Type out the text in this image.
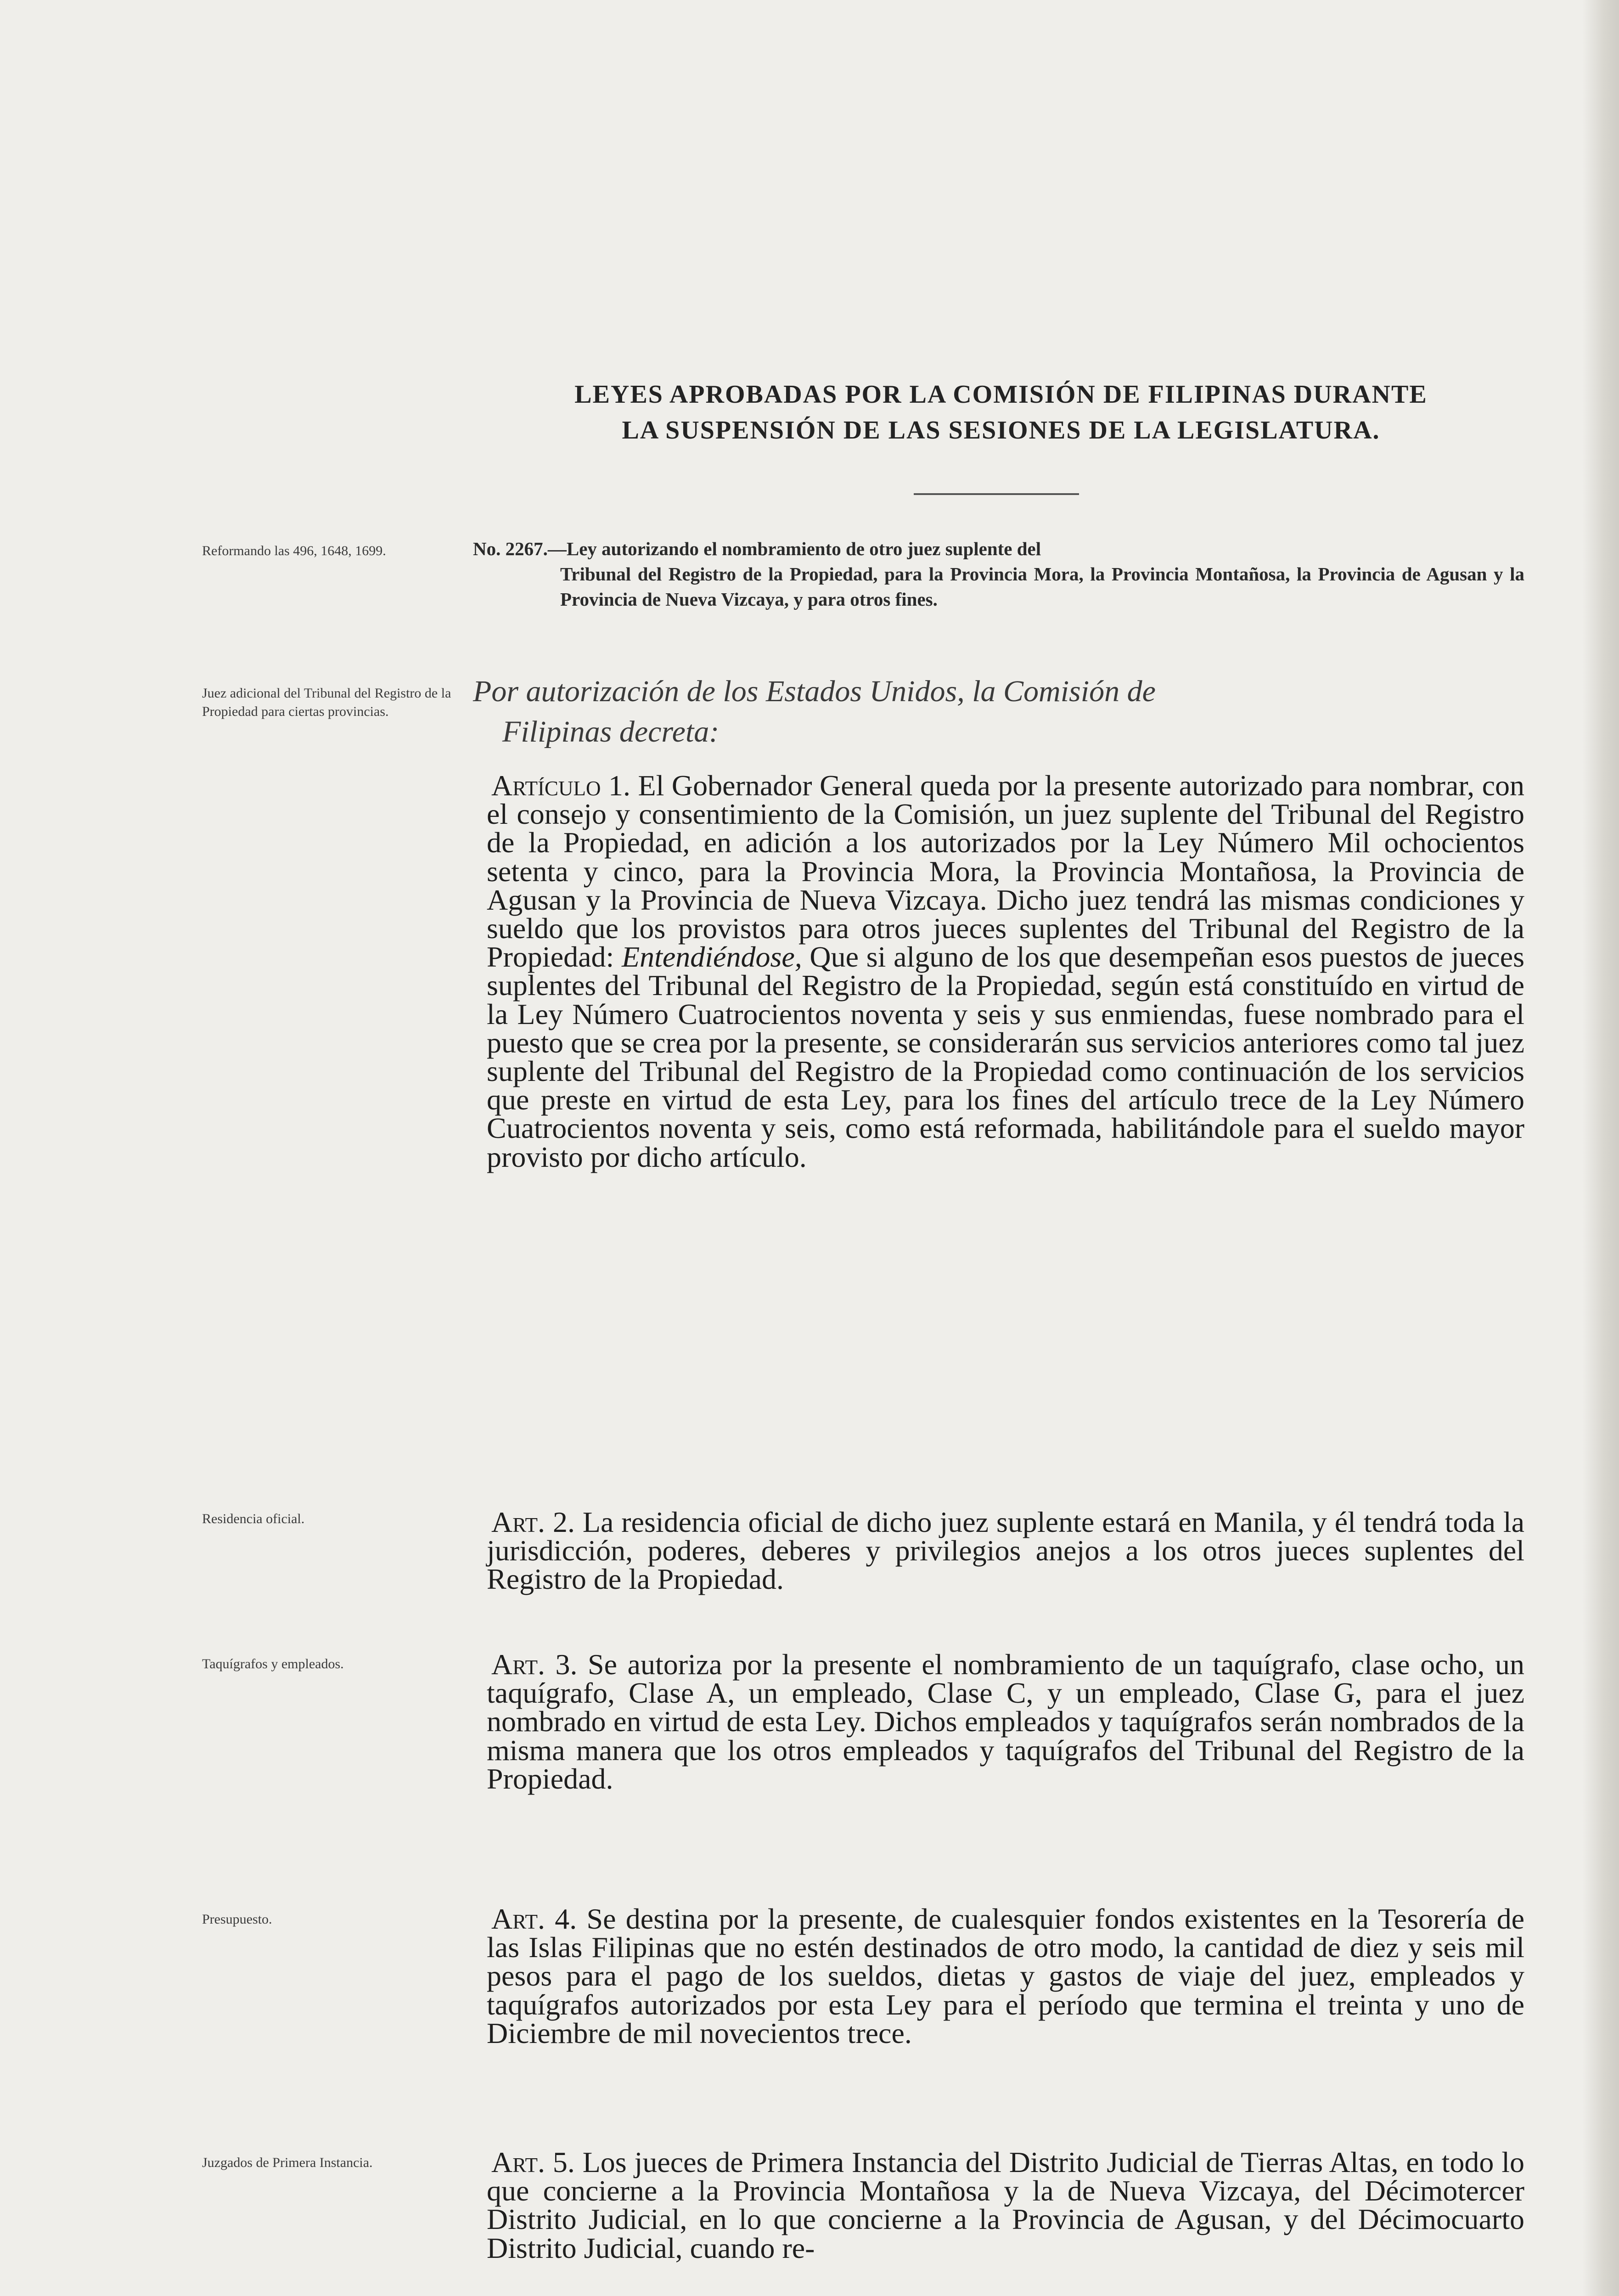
LEYES APROBADAS POR LA COMISIÓN DE FILIPINAS DURANTE
LA SUSPENSIÓN DE LAS SESIONES DE LA LEGISLATURA.
Reformando las 496, 1648, 1699.
Juez adicional del Tribunal del Registro de la Propiedad para ciertas provincias.
Residencia oficial.
Taquígrafos y empleados.
Presupuesto.
Juzgados de Primera Instancia.
No. 2267.—Ley autorizando el nombramiento de otro juez suplente del
Tribunal del Registro de la Propiedad, para la Provincia Mora, la Provincia Montañosa, la Provincia de Agusan y la Provincia de Nueva Vizcaya, y para otros fines.
Por autorización de los Estados Unidos, la Comisión de
Filipinas decreta:
Artículo 1. El Gobernador General queda por la presente autorizado para nombrar, con el consejo y consentimiento de la Comisión, un juez suplente del Tribunal del Registro de la Propiedad, en adición a los autorizados por la Ley Número Mil ochocientos setenta y cinco, para la Provincia Mora, la Provincia Montañosa, la Provincia de Agusan y la Provincia de Nueva Vizcaya. Dicho juez tendrá las mismas condiciones y sueldo que los provistos para otros jueces suplentes del Tribunal del Registro de la Propiedad: Entendiéndose, Que si alguno de los que desempeñan esos puestos de jueces suplentes del Tribunal del Registro de la Propiedad, según está constituído en virtud de la Ley Número Cuatrocientos noventa y seis y sus enmiendas, fuese nombrado para el puesto que se crea por la presente, se considerarán sus servicios anteriores como tal juez suplente del Tribunal del Registro de la Propiedad como continuación de los servicios que preste en virtud de esta Ley, para los fines del artículo trece de la Ley Número Cuatrocientos noventa y seis, como está reformada, habilitándole para el sueldo mayor provisto por dicho artículo.
Art. 2. La residencia oficial de dicho juez suplente estará en Manila, y él tendrá toda la jurisdicción, poderes, deberes y privilegios anejos a los otros jueces suplentes del Registro de la Propiedad.
Art. 3. Se autoriza por la presente el nombramiento de un taquígrafo, clase ocho, un taquígrafo, Clase A, un empleado, Clase C, y un empleado, Clase G, para el juez nombrado en virtud de esta Ley. Dichos empleados y taquígrafos serán nombrados de la misma manera que los otros empleados y taquígrafos del Tribunal del Registro de la Propiedad.
Art. 4. Se destina por la presente, de cualesquier fondos existentes en la Tesorería de las Islas Filipinas que no estén destinados de otro modo, la cantidad de diez y seis mil pesos para el pago de los sueldos, dietas y gastos de viaje del juez, empleados y taquígrafos autorizados por esta Ley para el período que termina el treinta y uno de Diciembre de mil novecientos trece.
Art. 5. Los jueces de Primera Instancia del Distrito Judicial de Tierras Altas, en todo lo que concierne a la Provincia Montañosa y la de Nueva Vizcaya, del Décimotercer Distrito Judicial, en lo que concierne a la Provincia de Agusan, y del Décimocuarto Distrito Judicial, cuando re-
